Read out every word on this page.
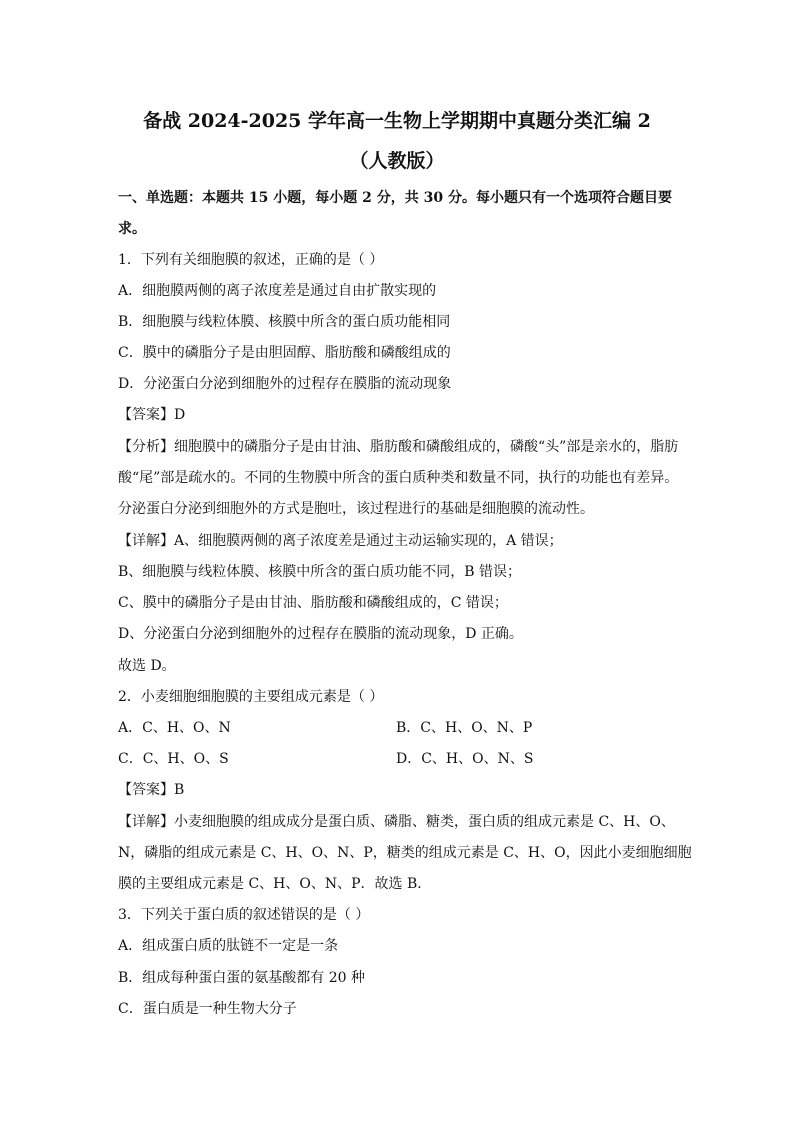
备战 2024-2025 学年高一生物上学期期中真题分类汇编 2
（人教版）
一、单选题：本题共 15 小题，每小题 2 分，共 30 分。每小题只有一个选项符合题目要
求。
1．下列有关细胞膜的叙述，正确的是（ ）
A．细胞膜两侧的离子浓度差是通过自由扩散实现的
B．细胞膜与线粒体膜、核膜中所含的蛋白质功能相同
C．膜中的磷脂分子是由胆固醇、脂肪酸和磷酸组成的
D．分泌蛋白分泌到细胞外的过程存在膜脂的流动现象
【答案】D
【分析】细胞膜中的磷脂分子是由甘油、脂肪酸和磷酸组成的，磷酸“头”部是亲水的，脂肪
酸“尾”部是疏水的。不同的生物膜中所含的蛋白质种类和数量不同，执行的功能也有差异。
分泌蛋白分泌到细胞外的方式是胞吐，该过程进行的基础是细胞膜的流动性。
【详解】A、细胞膜两侧的离子浓度差是通过主动运输实现的，A 错误；
B、细胞膜与线粒体膜、核膜中所含的蛋白质功能不同，B 错误；
C、膜中的磷脂分子是由甘油、脂肪酸和磷酸组成的，C 错误；
D、分泌蛋白分泌到细胞外的过程存在膜脂的流动现象，D 正确。
故选 D。
2．小麦细胞细胞膜的主要组成元素是（ ）
A．C、H、O、N	B．C、H、O、N、P
C．C、H、O、S	D．C、H、O、N、S
【答案】B
【详解】小麦细胞膜的组成成分是蛋白质、磷脂、糖类，蛋白质的组成元素是 C、H、O、
N，磷脂的组成元素是 C、H、O、N、P，糖类的组成元素是 C、H、O，因此小麦细胞细胞
膜的主要组成元素是 C、H、O、N、P．故选 B．
3．下列关于蛋白质的叙述错误的是（ ）
A．组成蛋白质的肽链不一定是一条
B．组成每种蛋白蛋的氨基酸都有 20 种
C．蛋白质是一种生物大分子
